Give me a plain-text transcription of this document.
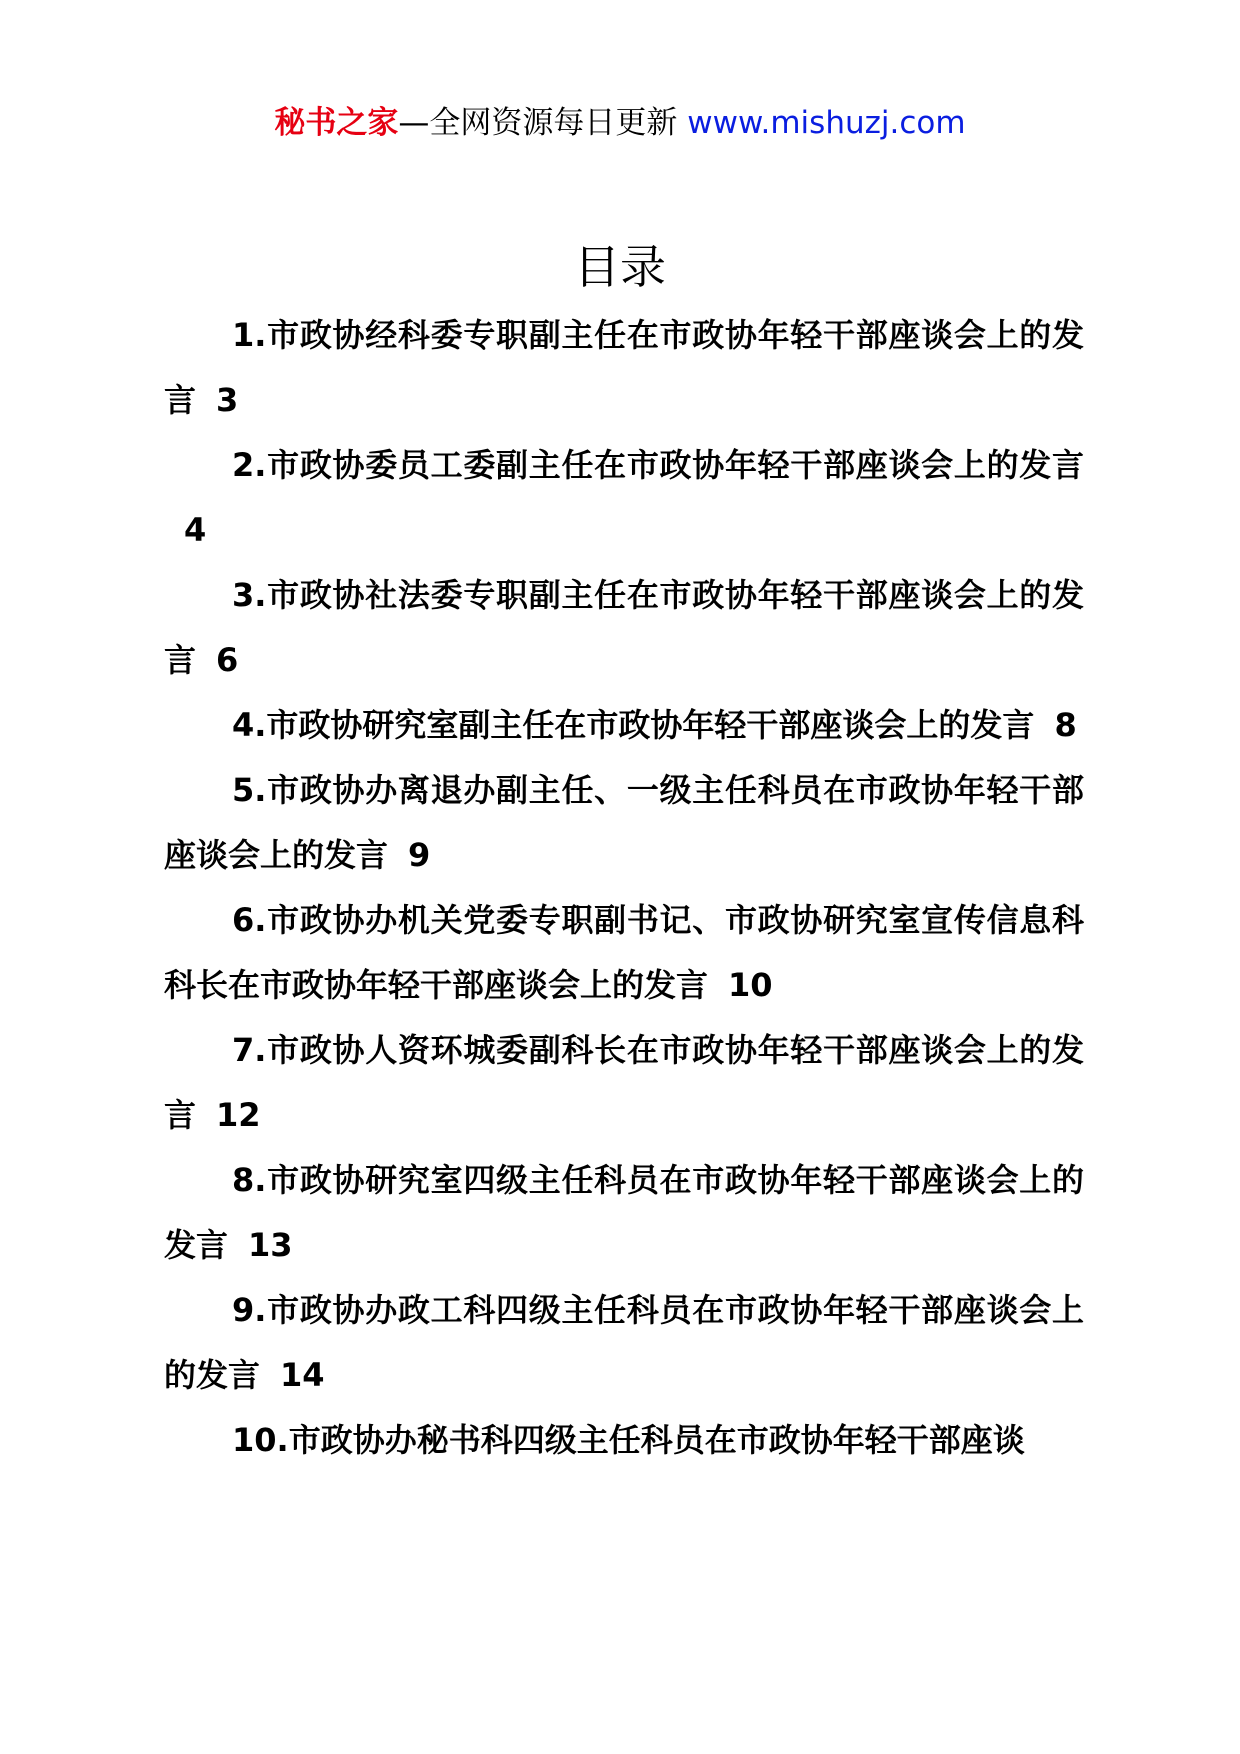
秘书之家—全网资源每日更新 www.mishuzj.com
目录
1.市政协经科委专职副主任在市政协年轻干部座谈会上的发言 3
2.市政协委员工委副主任在市政协年轻干部座谈会上的发言4
3.市政协社法委专职副主任在市政协年轻干部座谈会上的发言 6
4.市政协研究室副主任在市政协年轻干部座谈会上的发言 8
5.市政协办离退办副主任、一级主任科员在市政协年轻干部座谈会上的发言 9
6.市政协办机关党委专职副书记、市政协研究室宣传信息科科长在市政协年轻干部座谈会上的发言 10
7.市政协人资环城委副科长在市政协年轻干部座谈会上的发言 12
8.市政协研究室四级主任科员在市政协年轻干部座谈会上的发言 13
9.市政协办政工科四级主任科员在市政协年轻干部座谈会上的发言 14
10.市政协办秘书科四级主任科员在市政协年轻干部座谈
